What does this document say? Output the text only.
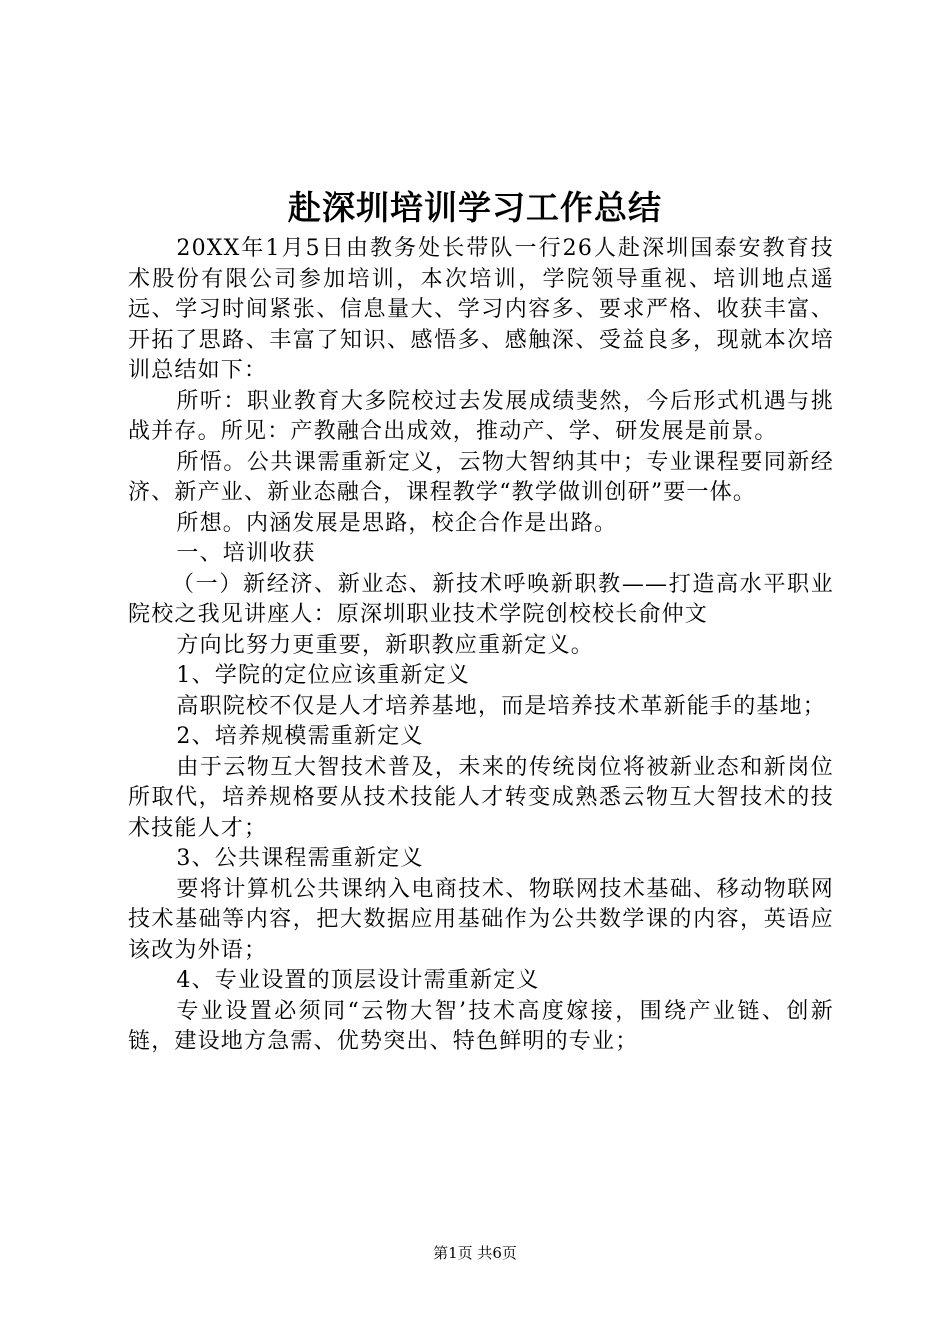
赴深圳培训学习工作总结

20XX年1月5日由教务处长带队一行26人赴深圳国泰安教育技术股份有限公司参加培训，本次培训，学院领导重视、培训地点遥远、学习时间紧张、信息量大、学习内容多、要求严格、收获丰富、开拓了思路、丰富了知识、感悟多、感触深、受益良多，现就本次培训总结如下：

所听：职业教育大多院校过去发展成绩斐然，今后形式机遇与挑战并存。所见：产教融合出成效，推动产、学、研发展是前景。

所悟。公共课需重新定义，云物大智纳其中；专业课程要同新经济、新产业、新业态融合，课程教学“教学做训创研”要一体。

所想。内涵发展是思路，校企合作是出路。

一、培训收获

（一）新经济、新业态、新技术呼唤新职教——打造高水平职业院校之我见讲座人：原深圳职业技术学院创校校长俞仲文

方向比努力更重要，新职教应重新定义。

1、学院的定位应该重新定义

高职院校不仅是人才培养基地，而是培养技术革新能手的基地；

2、培养规模需重新定义

由于云物互大智技术普及，未来的传统岗位将被新业态和新岗位所取代，培养规格要从技术技能人才转变成熟悉云物互大智技术的技术技能人才；

3、公共课程需重新定义

要将计算机公共课纳入电商技术、物联网技术基础、移动物联网技术基础等内容，把大数据应用基础作为公共数学课的内容，英语应该改为外语；

4、专业设置的顶层设计需重新定义

专业设置必须同“云物大智’技术高度嫁接，围绕产业链、创新链，建设地方急需、优势突出、特色鲜明的专业；

第1页 共6页
